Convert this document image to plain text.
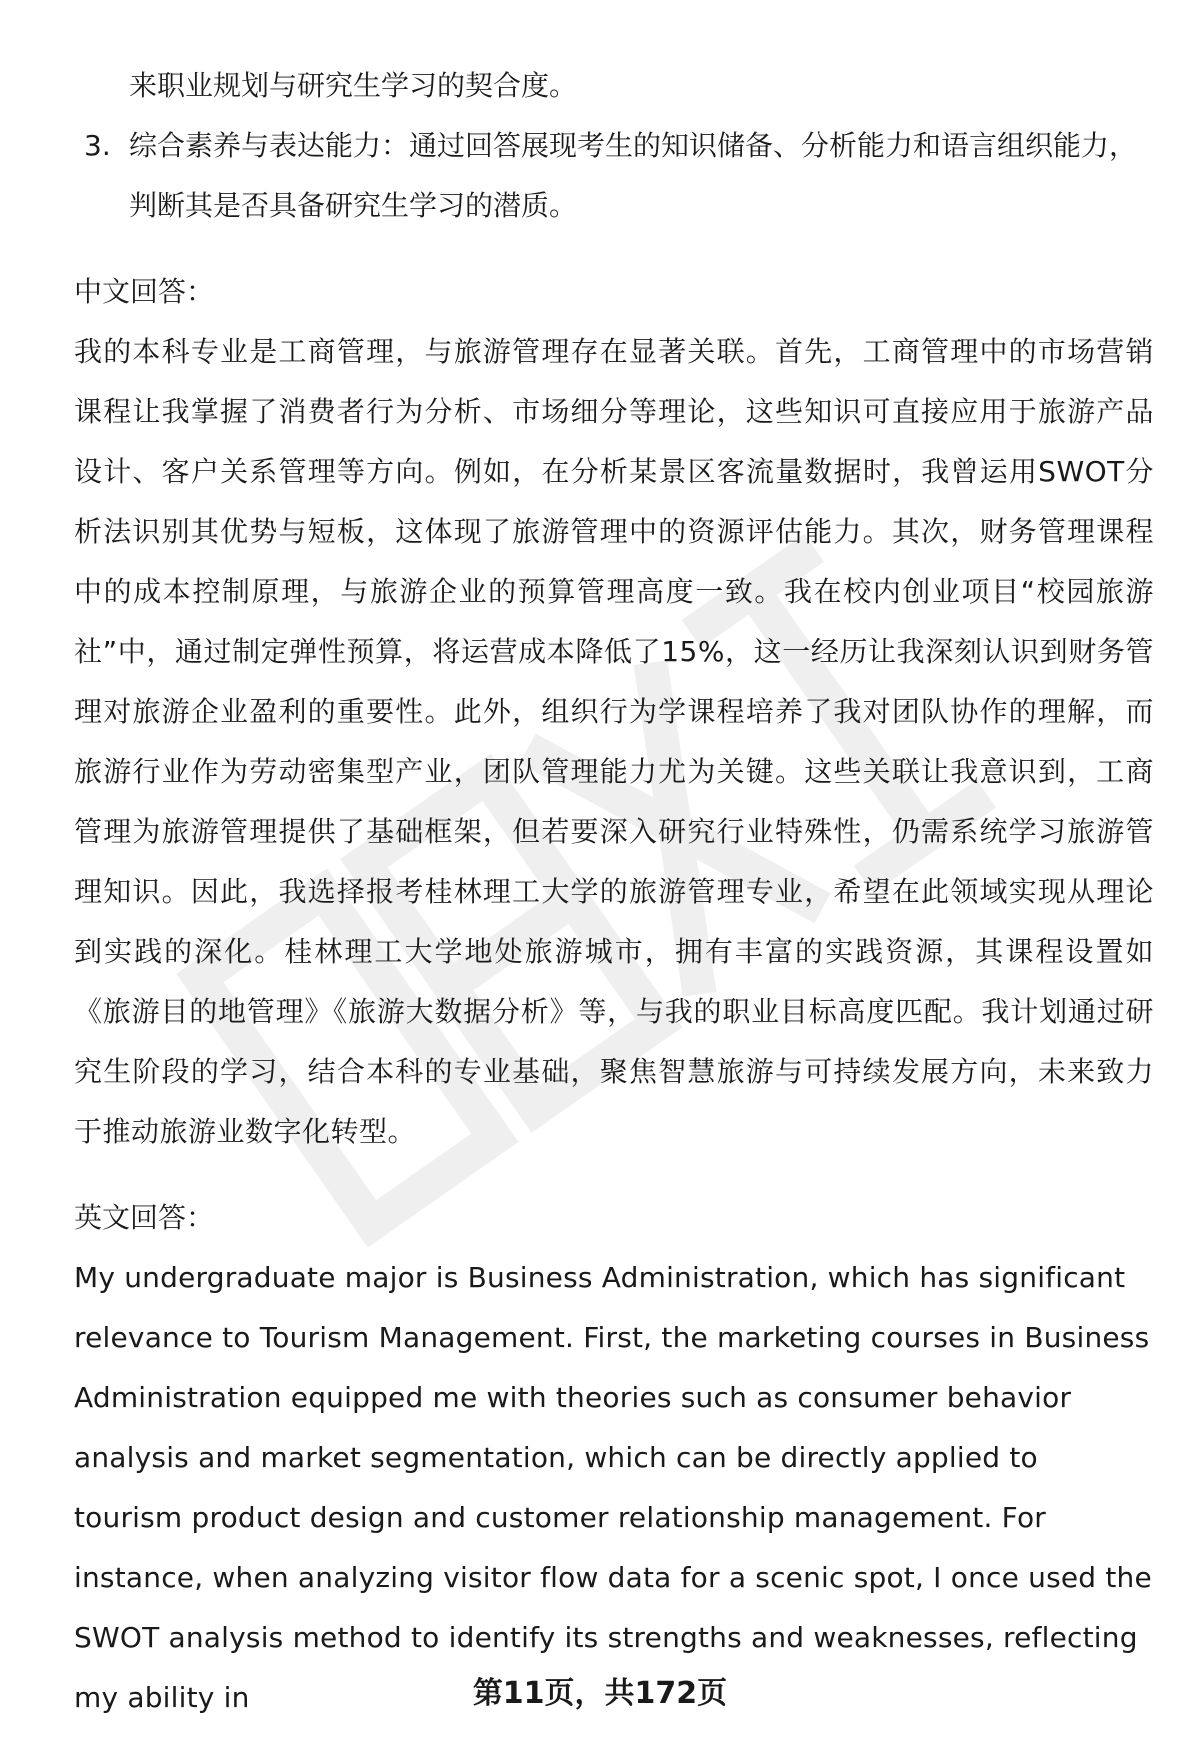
来职业规划与研究生学习的契合度。

3. 综合素养与表达能力：通过回答展现考生的知识储备、分析能力和语言组织能力，判断其是否具备研究生学习的潜质。

中文回答：

我的本科专业是工商管理，与旅游管理存在显著关联。首先，工商管理中的市场营销课程让我掌握了消费者行为分析、市场细分等理论，这些知识可直接应用于旅游产品设计、客户关系管理等方向。例如，在分析某景区客流量数据时，我曾运用SWOT分析法识别其优势与短板，这体现了旅游管理中的资源评估能力。其次，财务管理课程中的成本控制原理，与旅游企业的预算管理高度一致。我在校内创业项目“校园旅游社”中，通过制定弹性预算，将运营成本降低了15%，这一经历让我深刻认识到财务管理对旅游企业盈利的重要性。此外，组织行为学课程培养了我对团队协作的理解，而旅游行业作为劳动密集型产业，团队管理能力尤为关键。这些关联让我意识到，工商管理为旅游管理提供了基础框架，但若要深入研究行业特殊性，仍需系统学习旅游管理知识。因此，我选择报考桂林理工大学的旅游管理专业，希望在此领域实现从理论到实践的深化。桂林理工大学地处旅游城市，拥有丰富的实践资源，其课程设置如《旅游目的地管理》《旅游大数据分析》等，与我的职业目标高度匹配。我计划通过研究生阶段的学习，结合本科的专业基础，聚焦智慧旅游与可持续发展方向，未来致力于推动旅游业数字化转型。

英文回答：

My undergraduate major is Business Administration, which has significant relevance to Tourism Management. First, the marketing courses in Business Administration equipped me with theories such as consumer behavior analysis and market segmentation, which can be directly applied to tourism product design and customer relationship management. For instance, when analyzing visitor flow data for a scenic spot, I once used the SWOT analysis method to identify its strengths and weaknesses, reflecting my ability in	第11页，共172页
